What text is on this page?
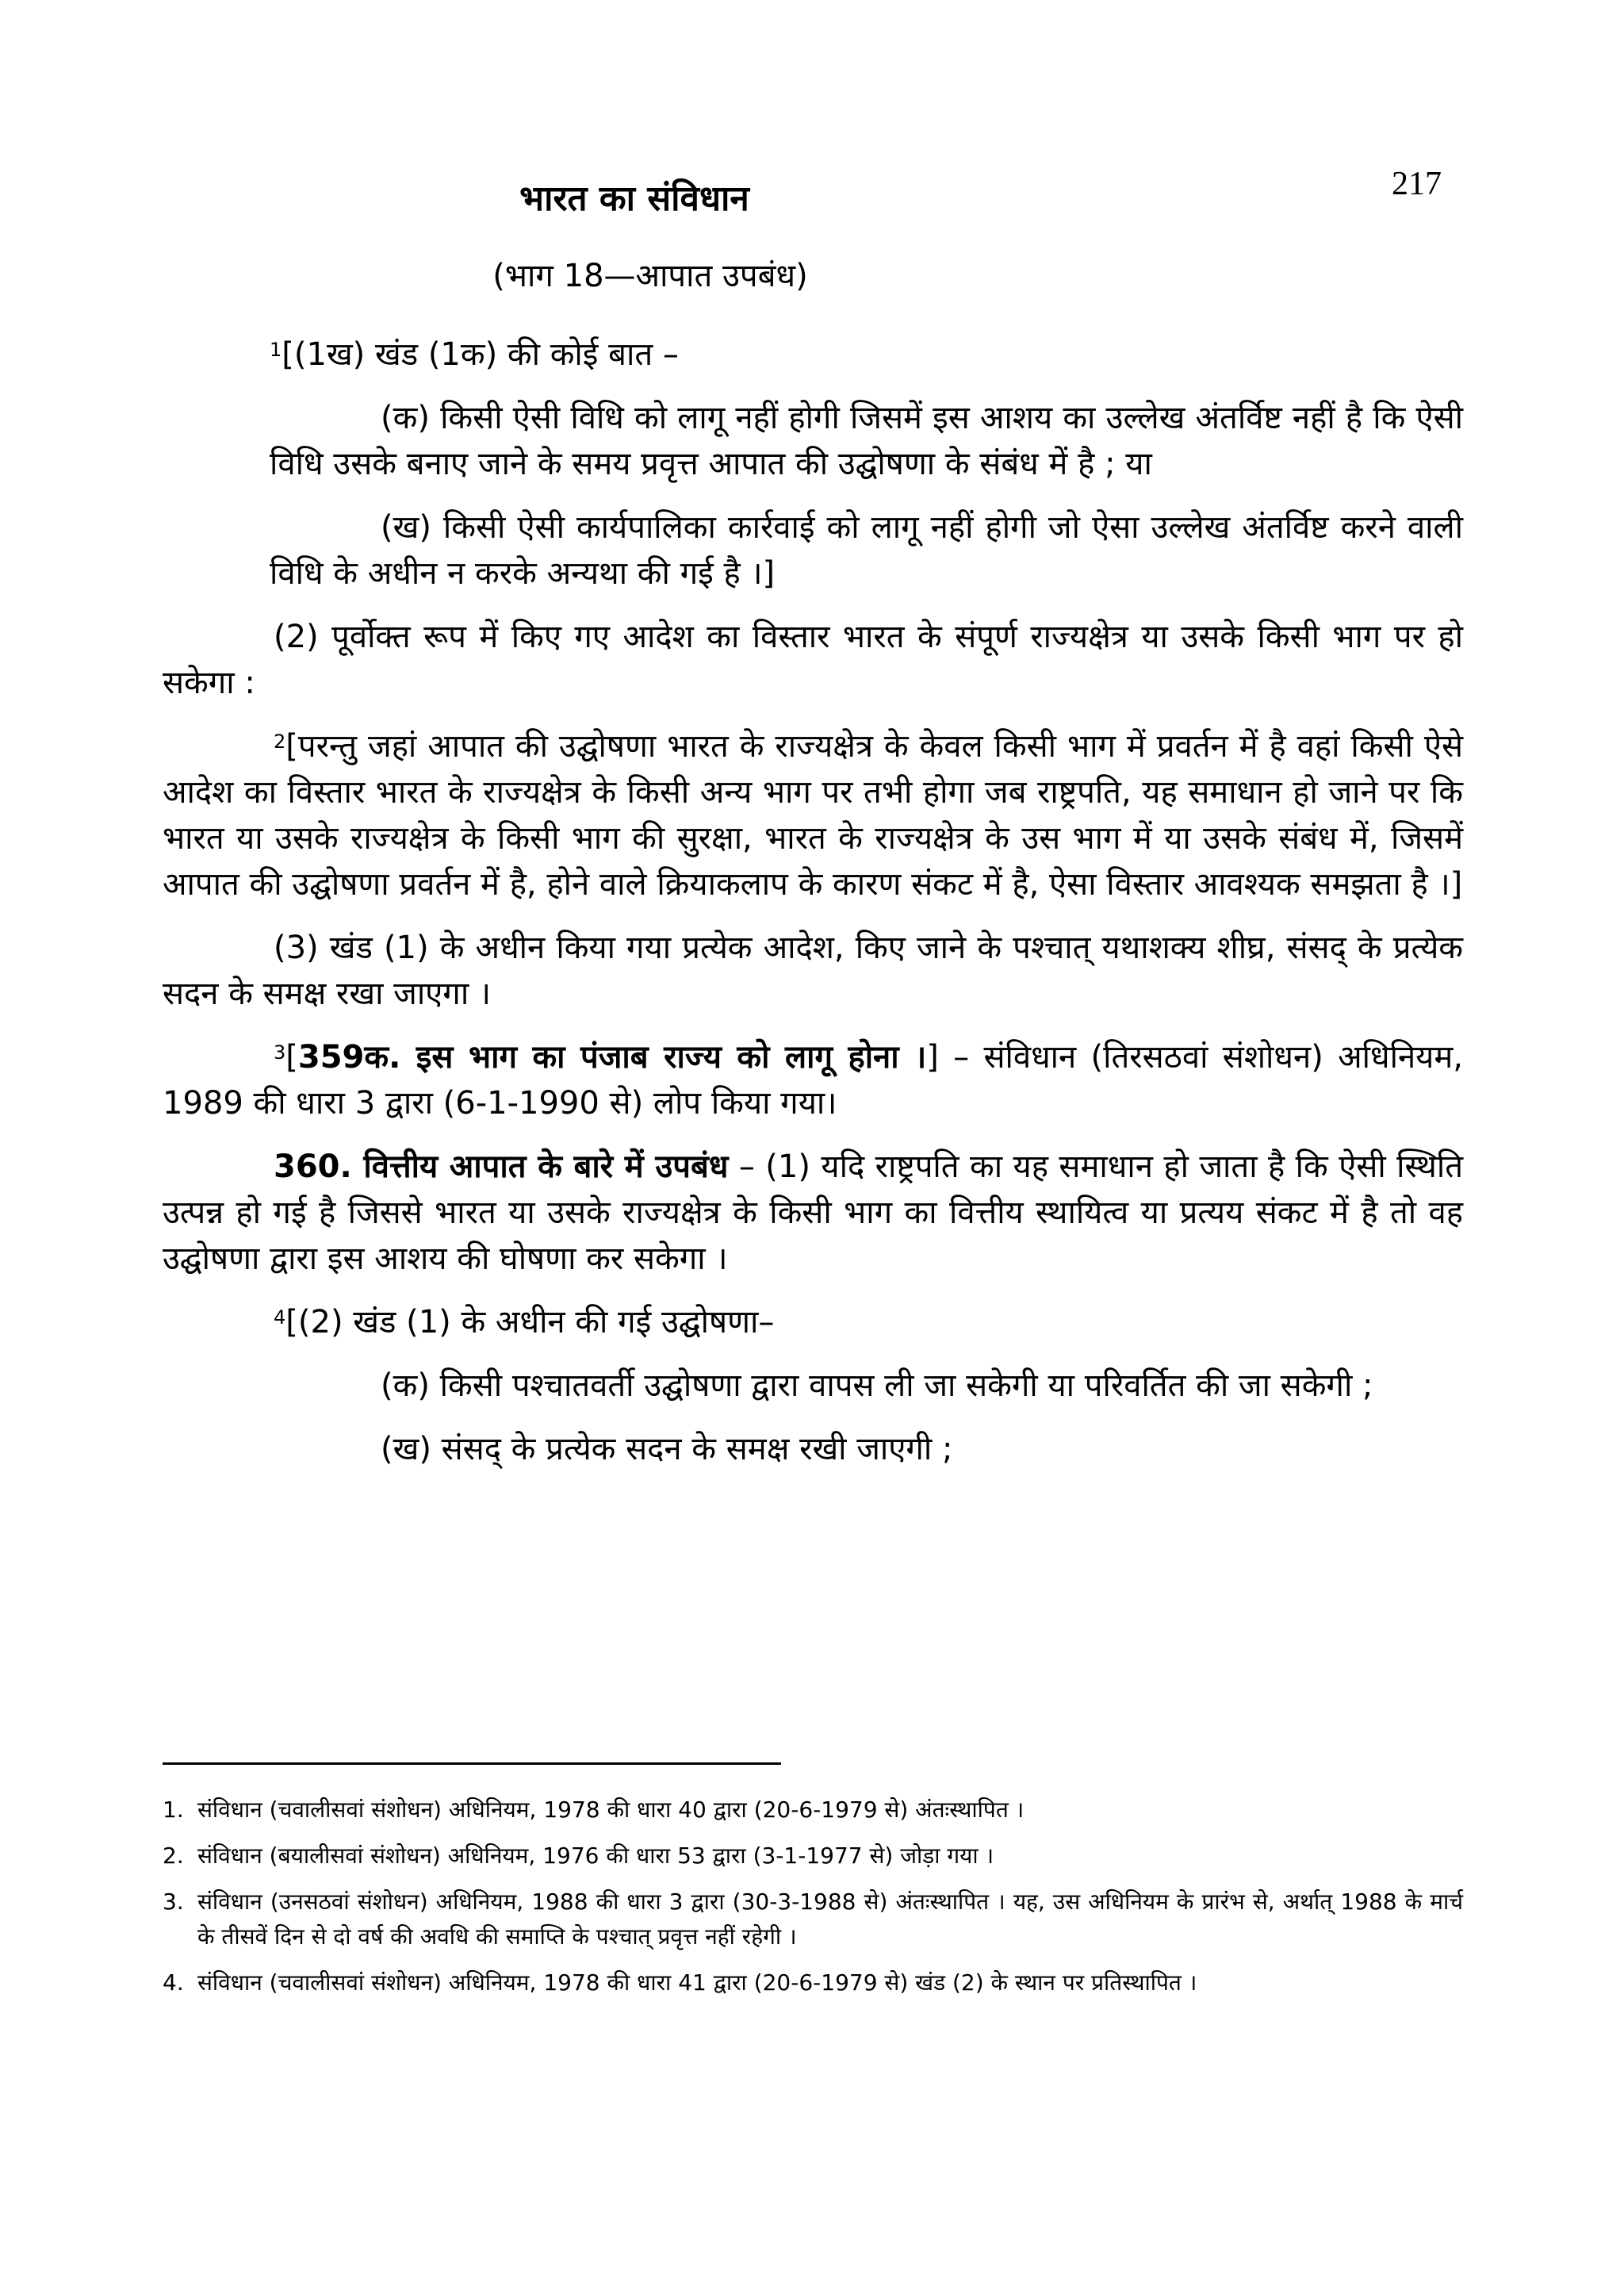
217
भारत का संविधान
(भाग 18—आपात उपबंध)

$^1$[(1ख) खंड (1क) की कोई बात –

(क) किसी ऐसी विधि को लागू नहीं होगी जिसमें इस आशय का उल्लेख अंतर्विष्ट नहीं है कि ऐसी विधि उसके बनाए जाने के समय प्रवृत्त आपात की उद्घोषणा के संबंध में है ; या

(ख) किसी ऐसी कार्यपालिका कार्रवाई को लागू नहीं होगी जो ऐसा उल्लेख अंतर्विष्ट करने वाली विधि के अधीन न करके अन्यथा की गई है ।]

(2) पूर्वोक्त रूप में किए गए आदेश का विस्तार भारत के संपूर्ण राज्यक्षेत्र या उसके किसी भाग पर हो सकेगा :

$^2$[परन्तु जहां आपात की उद्घोषणा भारत के राज्यक्षेत्र के केवल किसी भाग में प्रवर्तन में है वहां किसी ऐसे आदेश का विस्तार भारत के राज्यक्षेत्र के किसी अन्य भाग पर तभी होगा जब राष्ट्रपति, यह समाधान हो जाने पर कि भारत या उसके राज्यक्षेत्र के किसी भाग की सुरक्षा, भारत के राज्यक्षेत्र के उस भाग में या उसके संबंध में, जिसमें आपात की उद्घोषणा प्रवर्तन में है, होने वाले क्रियाकलाप के कारण संकट में है, ऐसा विस्तार आवश्यक समझता है ।]

(3) खंड (1) के अधीन किया गया प्रत्येक आदेश, किए जाने के पश्चात् यथाशक्य शीघ्र, संसद् के प्रत्येक सदन के समक्ष रखा जाएगा ।

$^3$[359क. इस भाग का पंजाब राज्य को लागू होना ।] – संविधान (तिरसठवां संशोधन) अधिनियम, 1989 की धारा 3 द्वारा (6-1-1990 से) लोप किया गया।

360. वित्तीय आपात के बारे में उपबंध – (1) यदि राष्ट्रपति का यह समाधान हो जाता है कि ऐसी स्थिति उत्पन्न हो गई है जिससे भारत या उसके राज्यक्षेत्र के किसी भाग का वित्तीय स्थायित्व या प्रत्यय संकट में है तो वह उद्घोषणा द्वारा इस आशय की घोषणा कर सकेगा ।

$^4$[(2) खंड (1) के अधीन की गई उद्घोषणा–

(क) किसी पश्चातवर्ती उद्घोषणा द्वारा वापस ली जा सकेगी या परिवर्तित की जा सकेगी ;

(ख) संसद् के प्रत्येक सदन के समक्ष रखी जाएगी ;

1. संविधान (चवालीसवां संशोधन) अधिनियम, 1978 की धारा 40 द्वारा (20-6-1979 से) अंतःस्थापित ।
2. संविधान (बयालीसवां संशोधन) अधिनियम, 1976 की धारा 53 द्वारा (3-1-1977 से) जोड़ा गया ।
3. संविधान (उनसठवां संशोधन) अधिनियम, 1988 की धारा 3 द्वारा (30-3-1988 से) अंतःस्थापित । यह, उस अधिनियम के प्रारंभ से, अर्थात् 1988 के मार्च के तीसवें दिन से दो वर्ष की अवधि की समाप्ति के पश्चात् प्रवृत्त नहीं रहेगी ।
4. संविधान (चवालीसवां संशोधन) अधिनियम, 1978 की धारा 41 द्वारा (20-6-1979 से) खंड (2) के स्थान पर प्रतिस्थापित ।
